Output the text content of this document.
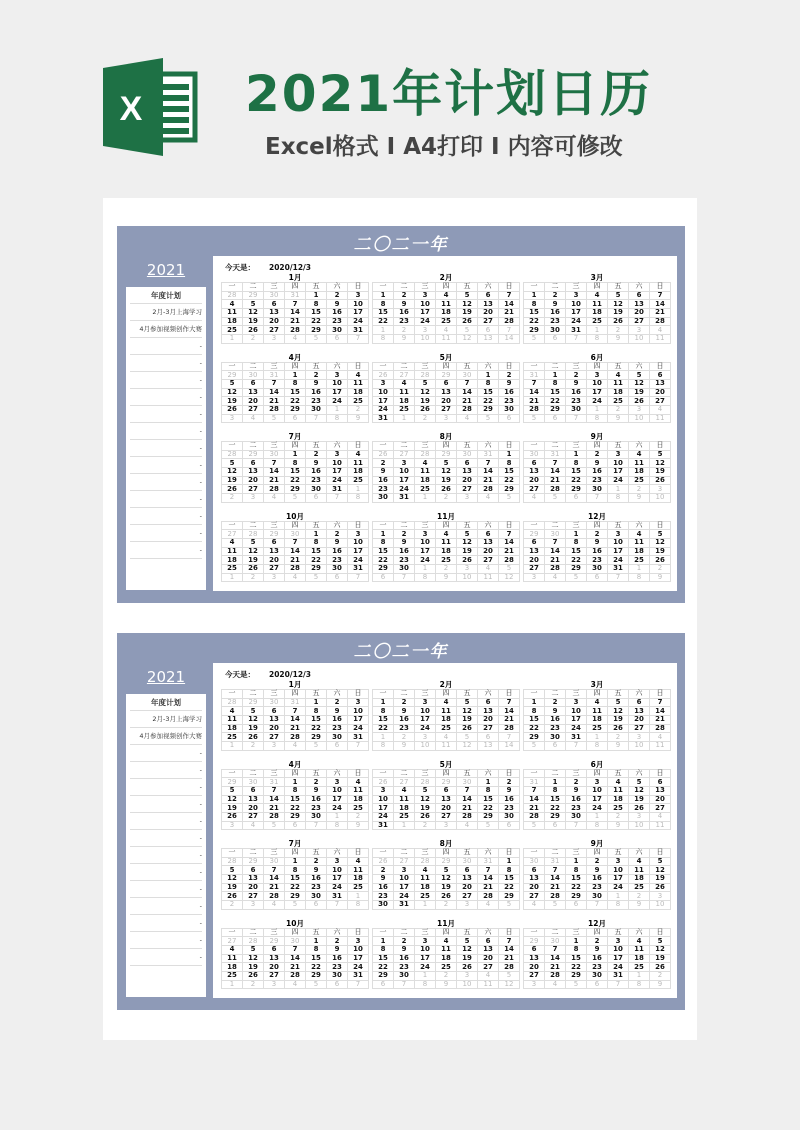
X 2021年计划日历
Excel格式 I A4打印 I 内容可修改
二〇二一年
2021
年度计划
2月-3月上海学习
4月参加视频创作大赛
-
-
-
-
-
-
-
-
-
-
-
-
-
今天是： 2020/12/3
1月
一	二	三	四	五	六	日
28	29	30	31	1	2	3
4	5	6	7	8	9	10
11	12	13	14	15	16	17
18	19	20	21	22	23	24
25	26	27	28	29	30	31
1	2	3	4	5	6	7
2月
一	二	三	四	五	六	日
1	2	3	4	5	6	7
8	9	10	11	12	13	14
15	16	17	18	19	20	21
22	23	24	25	26	27	28
1	2	3	4	5	6	7
8	9	10	11	12	13	14
3月
一	二	三	四	五	六	日
1	2	3	4	5	6	7
8	9	10	11	12	13	14
15	16	17	18	19	20	21
22	23	24	25	26	27	28
29	30	31	1	2	3	4
5	6	7	8	9	10	11
4月
一	二	三	四	五	六	日
29	30	31	1	2	3	4
5	6	7	8	9	10	11
12	13	14	15	16	17	18
19	20	21	22	23	24	25
26	27	28	29	30	1	2
3	4	5	6	7	8	9
5月
一	二	三	四	五	六	日
26	27	28	29	30	1	2
3	4	5	6	7	8	9
10	11	12	13	14	15	16
17	18	19	20	21	22	23
24	25	26	27	28	29	30
31	1	2	3	4	5	6
6月
一	二	三	四	五	六	日
31	1	2	3	4	5	6
7	8	9	10	11	12	13
14	15	16	17	18	19	20
21	22	23	24	25	26	27
28	29	30	1	2	3	4
5	6	7	8	9	10	11
7月
一	二	三	四	五	六	日
28	29	30	1	2	3	4
5	6	7	8	9	10	11
12	13	14	15	16	17	18
19	20	21	22	23	24	25
26	27	28	29	30	31	1
2	3	4	5	6	7	8
8月
一	二	三	四	五	六	日
26	27	28	29	30	31	1
2	3	4	5	6	7	8
9	10	11	12	13	14	15
16	17	18	19	20	21	22
23	24	25	26	27	28	29
30	31	1	2	3	4	5
9月
一	二	三	四	五	六	日
30	31	1	2	3	4	5
6	7	8	9	10	11	12
13	14	15	16	17	18	19
20	21	22	23	24	25	26
27	28	29	30	1	2	3
4	5	6	7	8	9	10
10月
一	二	三	四	五	六	日
27	28	29	30	1	2	3
4	5	6	7	8	9	10
11	12	13	14	15	16	17
18	19	20	21	22	23	24
25	26	27	28	29	30	31
1	2	3	4	5	6	7
11月
一	二	三	四	五	六	日
1	2	3	4	5	6	7
8	9	10	11	12	13	14
15	16	17	18	19	20	21
22	23	24	25	26	27	28
29	30	1	2	3	4	5
6	7	8	9	10	11	12
12月
一	二	三	四	五	六	日
29	30	1	2	3	4	5
6	7	8	9	10	11	12
13	14	15	16	17	18	19
20	21	22	23	24	25	26
27	28	29	30	31	1	2
3	4	5	6	7	8	9
二〇二一年
2021
年度计划
2月-3月上海学习
4月参加视频创作大赛
-
-
-
-
-
-
-
-
-
-
-
-
-
今天是： 2020/12/3
1月
一	二	三	四	五	六	日
28	29	30	31	1	2	3
4	5	6	7	8	9	10
11	12	13	14	15	16	17
18	19	20	21	22	23	24
25	26	27	28	29	30	31
1	2	3	4	5	6	7
2月
一	二	三	四	五	六	日
1	2	3	4	5	6	7
8	9	10	11	12	13	14
15	16	17	18	19	20	21
22	23	24	25	26	27	28
1	2	3	4	5	6	7
8	9	10	11	12	13	14
3月
一	二	三	四	五	六	日
1	2	3	4	5	6	7
8	9	10	11	12	13	14
15	16	17	18	19	20	21
22	23	24	25	26	27	28
29	30	31	1	2	3	4
5	6	7	8	9	10	11
4月
一	二	三	四	五	六	日
29	30	31	1	2	3	4
5	6	7	8	9	10	11
12	13	14	15	16	17	18
19	20	21	22	23	24	25
26	27	28	29	30	1	2
3	4	5	6	7	8	9
5月
一	二	三	四	五	六	日
26	27	28	29	30	1	2
3	4	5	6	7	8	9
10	11	12	13	14	15	16
17	18	19	20	21	22	23
24	25	26	27	28	29	30
31	1	2	3	4	5	6
6月
一	二	三	四	五	六	日
31	1	2	3	4	5	6
7	8	9	10	11	12	13
14	15	16	17	18	19	20
21	22	23	24	25	26	27
28	29	30	1	2	3	4
5	6	7	8	9	10	11
7月
一	二	三	四	五	六	日
28	29	30	1	2	3	4
5	6	7	8	9	10	11
12	13	14	15	16	17	18
19	20	21	22	23	24	25
26	27	28	29	30	31	1
2	3	4	5	6	7	8
8月
一	二	三	四	五	六	日
26	27	28	29	30	31	1
2	3	4	5	6	7	8
9	10	11	12	13	14	15
16	17	18	19	20	21	22
23	24	25	26	27	28	29
30	31	1	2	3	4	5
9月
一	二	三	四	五	六	日
30	31	1	2	3	4	5
6	7	8	9	10	11	12
13	14	15	16	17	18	19
20	21	22	23	24	25	26
27	28	29	30	1	2	3
4	5	6	7	8	9	10
10月
一	二	三	四	五	六	日
27	28	29	30	1	2	3
4	5	6	7	8	9	10
11	12	13	14	15	16	17
18	19	20	21	22	23	24
25	26	27	28	29	30	31
1	2	3	4	5	6	7
11月
一	二	三	四	五	六	日
1	2	3	4	5	6	7
8	9	10	11	12	13	14
15	16	17	18	19	20	21
22	23	24	25	26	27	28
29	30	1	2	3	4	5
6	7	8	9	10	11	12
12月
一	二	三	四	五	六	日
29	30	1	2	3	4	5
6	7	8	9	10	11	12
13	14	15	16	17	18	19
20	21	22	23	24	25	26
27	28	29	30	31	1	2
3	4	5	6	7	8	9
